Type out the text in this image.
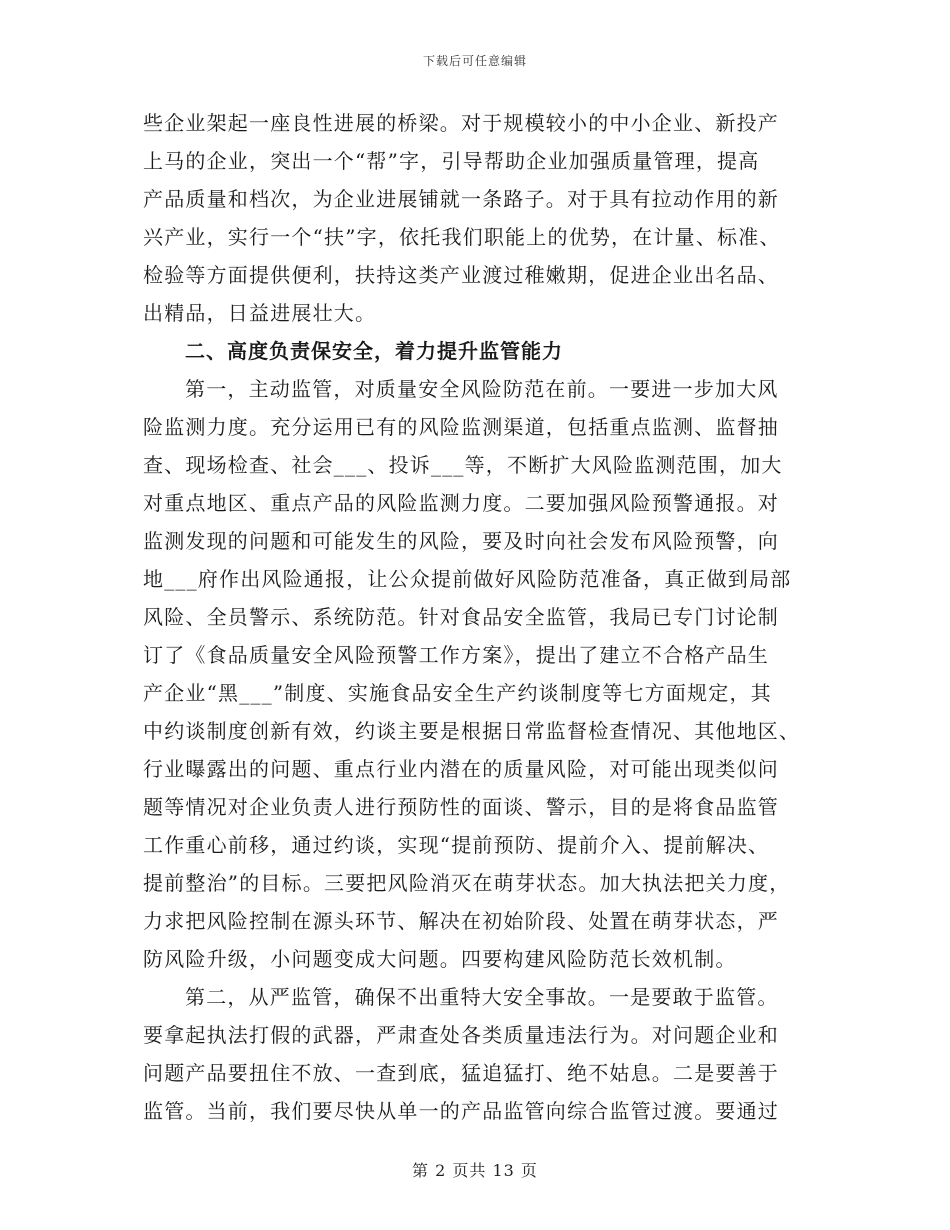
下载后可任意编辑
些企业架起一座良性进展的桥梁。对于规模较小的中小企业、新投产
上马的企业，突出一个“帮”字，引导帮助企业加强质量管理，提高
产品质量和档次，为企业进展铺就一条路子。对于具有拉动作用的新
兴产业，实行一个“扶”字，依托我们职能上的优势，在计量、标准、
检验等方面提供便利，扶持这类产业渡过稚嫩期，促进企业出名品、
出精品，日益进展壮大。
二、高度负责保安全，着力提升监管能力
第一，主动监管，对质量安全风险防范在前。一要进一步加大风
险监测力度。充分运用已有的风险监测渠道，包括重点监测、监督抽
查、现场检查、社会___、投诉___等，不断扩大风险监测范围，加大
对重点地区、重点产品的风险监测力度。二要加强风险预警通报。对
监测发现的问题和可能发生的风险，要及时向社会发布风险预警，向
地___府作出风险通报，让公众提前做好风险防范准备，真正做到局部
风险、全员警示、系统防范。针对食品安全监管，我局已专门讨论制
订了《食品质量安全风险预警工作方案》，提出了建立不合格产品生
产企业“黑___”制度、实施食品安全生产约谈制度等七方面规定，其
中约谈制度创新有效，约谈主要是根据日常监督检查情况、其他地区、
行业曝露出的问题、重点行业内潜在的质量风险，对可能出现类似问
题等情况对企业负责人进行预防性的面谈、警示，目的是将食品监管
工作重心前移，通过约谈，实现“提前预防、提前介入、提前解决、
提前整治”的目标。三要把风险消灭在萌芽状态。加大执法把关力度，
力求把风险控制在源头环节、解决在初始阶段、处置在萌芽状态，严
防风险升级，小问题变成大问题。四要构建风险防范长效机制。
第二，从严监管，确保不出重特大安全事故。一是要敢于监管。
要拿起执法打假的武器，严肃查处各类质量违法行为。对问题企业和
问题产品要扭住不放、一查到底，猛追猛打、绝不姑息。二是要善于
监管。当前，我们要尽快从单一的产品监管向综合监管过渡。要通过
第 2 页共 13 页
